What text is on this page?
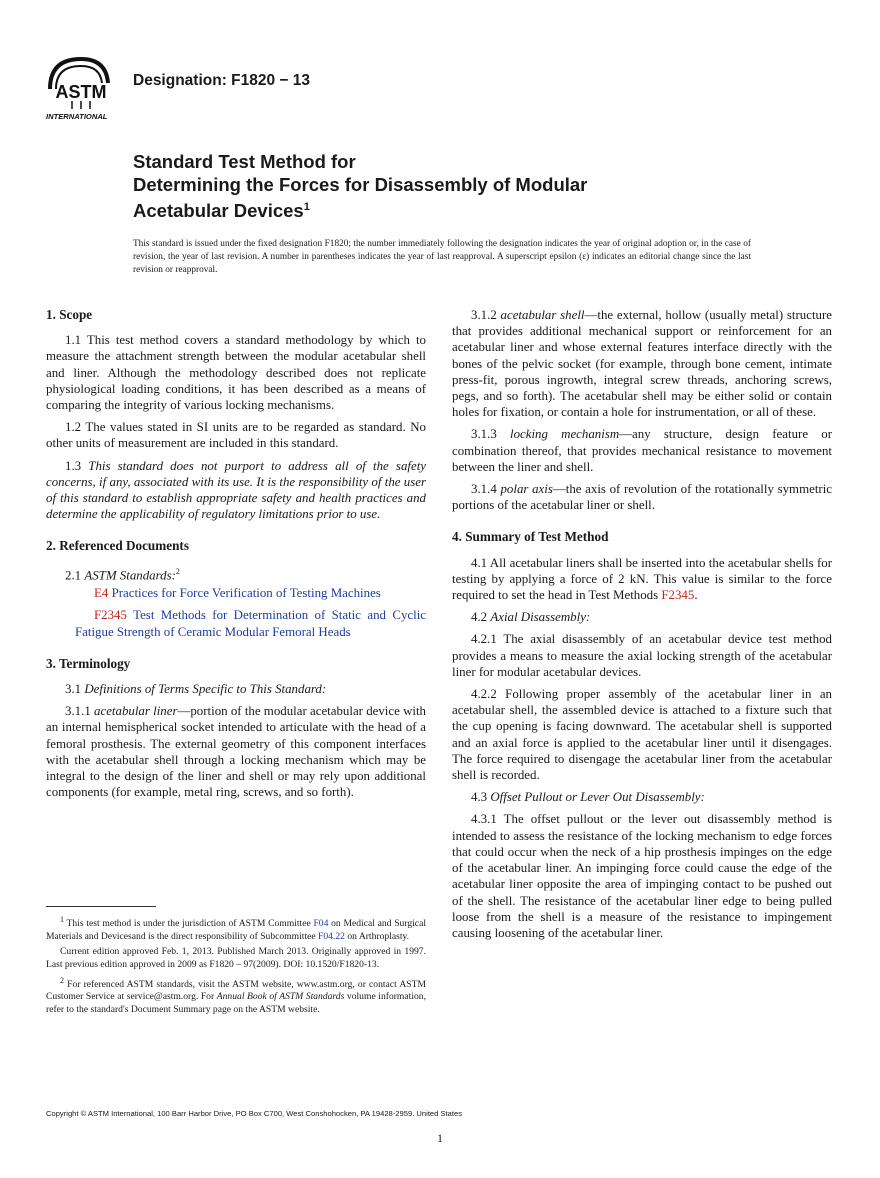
ASTM
INTERNATIONAL
Designation: F1820 − 13
Standard Test Method for
Determining the Forces for Disassembly of Modular
Acetabular Devices$^1$
This standard is issued under the fixed designation F1820; the number immediately following the designation indicates the year of original adoption or, in the case of revision, the year of last revision. A number in parentheses indicates the year of last reapproval. A superscript epsilon (ε) indicates an editorial change since the last revision or reapproval.
1. Scope

1.1 This test method covers a standard methodology by which to measure the attachment strength between the modular acetabular shell and liner. Although the methodology described does not replicate physiological loading conditions, it has been described as a means of comparing the integrity of various locking mechanisms.

1.2 The values stated in SI units are to be regarded as standard. No other units of measurement are included in this standard.

1.3 This standard does not purport to address all of the safety concerns, if any, associated with its use. It is the responsibility of the user of this standard to establish appropriate safety and health practices and determine the applicability of regulatory limitations prior to use.

2. Referenced Documents

2.1 ASTM Standards:$^2$

E4 Practices for Force Verification of Testing Machines

F2345 Test Methods for Determination of Static and Cyclic Fatigue Strength of Ceramic Modular Femoral Heads

3. Terminology

3.1 Definitions of Terms Specific to This Standard:

3.1.1 acetabular liner—portion of the modular acetabular device with an internal hemispherical socket intended to articulate with the head of a femoral prosthesis. The external geometry of this component interfaces with the acetabular shell through a locking mechanism which may be integral to the design of the liner and shell or may rely upon additional components (for example, metal ring, screws, and so forth).

3.1.2 acetabular shell—the external, hollow (usually metal) structure that provides additional mechanical support or reinforcement for an acetabular liner and whose external features interface directly with the bones of the pelvic socket (for example, through bone cement, intimate press-fit, porous ingrowth, integral screw threads, anchoring screws, pegs, and so forth). The acetabular shell may be either solid or contain holes for fixation, or contain a hole for instrumentation, or all of these.

3.1.3 locking mechanism—any structure, design feature or combination thereof, that provides mechanical resistance to movement between the liner and shell.

3.1.4 polar axis—the axis of revolution of the rotationally symmetric portions of the acetabular liner or shell.

4. Summary of Test Method

4.1 All acetabular liners shall be inserted into the acetabular shells for testing by applying a force of 2 kN. This value is similar to the force required to set the head in Test Methods F2345.

4.2 Axial Disassembly:

4.2.1 The axial disassembly of an acetabular device test method provides a means to measure the axial locking strength of the acetabular liner for modular acetabular devices.

4.2.2 Following proper assembly of the acetabular liner in an acetabular shell, the assembled device is attached to a fixture such that the cup opening is facing downward. The acetabular shell is supported and an axial force is applied to the acetabular liner until it disengages. The force required to disengage the acetabular liner from the acetabular shell is recorded.

4.3 Offset Pullout or Lever Out Disassembly:

4.3.1 The offset pullout or the lever out disassembly method is intended to assess the resistance of the locking mechanism to edge forces that could occur when the neck of a hip prosthesis impinges on the edge of the acetabular liner. An impinging force could cause the edge of the acetabular liner opposite the area of impinging contact to be pushed out of the shell. The resistance of the acetabular liner edge to being pulled loose from the shell is a measure of the resistance to impingement causing loosening of the acetabular liner.

$^1$ This test method is under the jurisdiction of ASTM Committee F04 on Medical and Surgical Materials and Devicesand is the direct responsibility of Subcommittee F04.22 on Arthroplasty.

Current edition approved Feb. 1, 2013. Published March 2013. Originally approved in 1997. Last previous edition approved in 2009 as F1820 – 97(2009). DOI: 10.1520/F1820-13.

$^2$ For referenced ASTM standards, visit the ASTM website, www.astm.org, or contact ASTM Customer Service at service@astm.org. For Annual Book of ASTM Standards volume information, refer to the standard's Document Summary page on the ASTM website.

Copyright © ASTM International, 100 Barr Harbor Drive, PO Box C700, West Conshohocken, PA 19428-2959. United States
1
